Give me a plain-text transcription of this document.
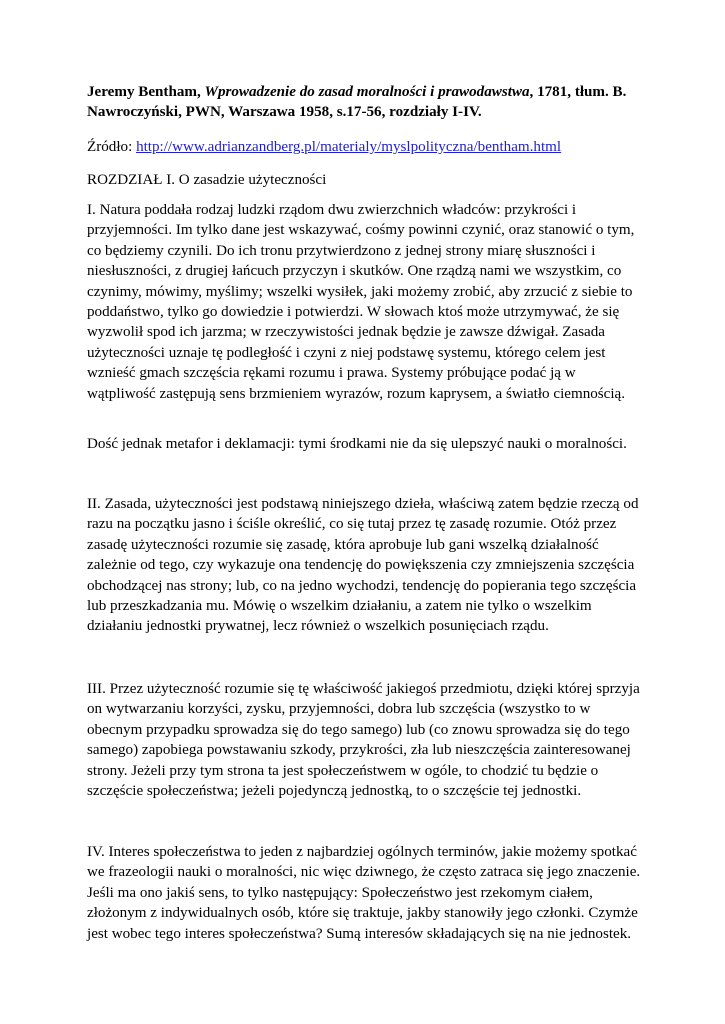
Jeremy Bentham, Wprowadzenie do zasad moralności i prawodawstwa, 1781, tłum. B. Nawroczyński, PWN, Warszawa 1958, s.17-56, rozdziały I-IV.

Źródło: http://www.adrianzandberg.pl/materialy/myslpolityczna/bentham.html

ROZDZIAŁ I. O zasadzie użyteczności

I. Natura poddała rodzaj ludzki rządom dwu zwierzchnich władców: przykrości i przyjemności. Im tylko dane jest wskazywać, cośmy powinni czynić, oraz stanowić o tym, co będziemy czynili. Do ich tronu przytwierdzono z jednej strony miarę słuszności i niesłuszności, z drugiej łańcuch przyczyn i skutków. One rządzą nami we wszystkim, co czynimy, mówimy, myślimy; wszelki wysiłek, jaki możemy zrobić, aby zrzucić z siebie to poddaństwo, tylko go dowiedzie i potwierdzi. W słowach ktoś może utrzymywać, że się wyzwolił spod ich jarzma; w rzeczywistości jednak będzie je zawsze dźwigał. Zasada użyteczności uznaje tę podległość i czyni z niej podstawę systemu, którego celem jest wznieść gmach szczęścia rękami rozumu i prawa. Systemy próbujące podać ją w wątpliwość zastępują sens brzmieniem wyrazów, rozum kaprysem, a światło ciemnością.

Dość jednak metafor i deklamacji: tymi środkami nie da się ulepszyć nauki o moralności.

II. Zasada, użyteczności jest podstawą niniejszego dzieła, właściwą zatem będzie rzeczą od razu na początku jasno i ściśle określić, co się tutaj przez tę zasadę rozumie. Otóż przez zasadę użyteczności rozumie się zasadę, która aprobuje lub gani wszelką działalność zależnie od tego, czy wykazuje ona tendencję do powiększenia czy zmniejszenia szczęścia obchodzącej nas strony; lub, co na jedno wychodzi, tendencję do popierania tego szczęścia lub przeszkadzania mu. Mówię o wszelkim działaniu, a zatem nie tylko o wszelkim działaniu jednostki prywatnej, lecz również o wszelkich posunięciach rządu.

III. Przez użyteczność rozumie się tę właściwość jakiegoś przedmiotu, dzięki której sprzyja on wytwarzaniu korzyści, zysku, przyjemności, dobra lub szczęścia (wszystko to w obecnym przypadku sprowadza się do tego samego) lub (co znowu sprowadza się do tego samego) zapobiega powstawaniu szkody, przykrości, zła lub nieszczęścia zainteresowanej strony. Jeżeli przy tym strona ta jest społeczeństwem w ogóle, to chodzić tu będzie o szczęście społeczeństwa; jeżeli pojedynczą jednostką, to o szczęście tej jednostki.

IV. Interes społeczeństwa to jeden z najbardziej ogólnych terminów, jakie możemy spotkać we frazeologii nauki o moralności, nic więc dziwnego, że często zatraca się jego znaczenie. Jeśli ma ono jakiś sens, to tylko następujący: Społeczeństwo jest rzekomym ciałem, złożonym z indywidualnych osób, które się traktuje, jakby stanowiły jego członki. Czymże jest wobec tego interes społeczeństwa? Sumą interesów składających się na nie jednostek.
